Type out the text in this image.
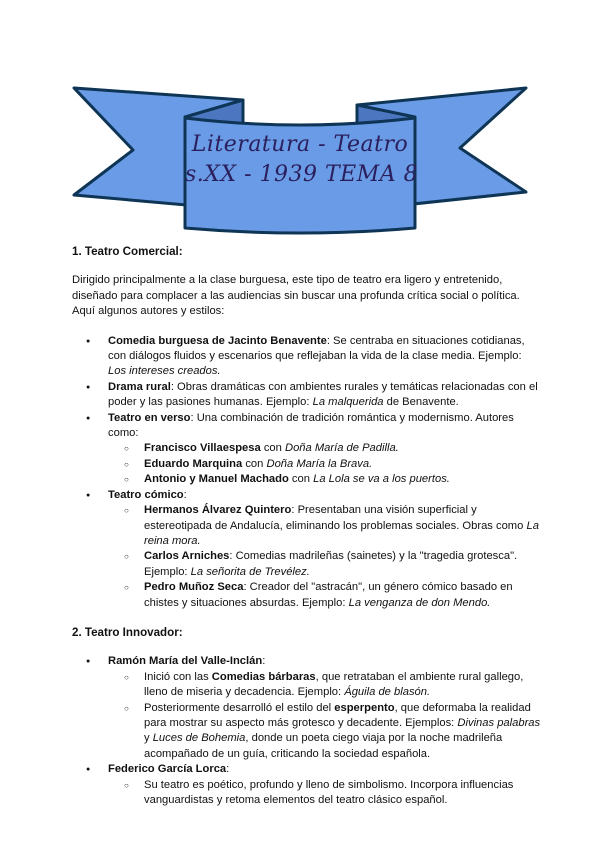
Literatura - Teatro
s.XX - 1939 TEMA 8
1. Teatro Comercial:

Dirigido principalmente a la clase burguesa, este tipo de teatro era ligero y entretenido, diseñado para complacer a las audiencias sin buscar una profunda crítica social o política. Aquí algunos autores y estilos:

● Comedia burguesa de Jacinto Benavente: Se centraba en situaciones cotidianas, con diálogos fluidos y escenarios que reflejaban la vida de la clase media. Ejemplo: Los intereses creados.
● Drama rural: Obras dramáticas con ambientes rurales y temáticas relacionadas con el poder y las pasiones humanas. Ejemplo: La malquerida de Benavente.
● Teatro en verso: Una combinación de tradición romántica y modernismo. Autores como:
○ Francisco Villaespesa con Doña María de Padilla.
○ Eduardo Marquina con Doña María la Brava.
○ Antonio y Manuel Machado con La Lola se va a los puertos.
● Teatro cómico:
○ Hermanos Álvarez Quintero: Presentaban una visión superficial y estereotipada de Andalucía, eliminando los problemas sociales. Obras como La reina mora.
○ Carlos Arniches: Comedias madrileñas (sainetes) y la "tragedia grotesca". Ejemplo: La señorita de Trevélez.
○ Pedro Muñoz Seca: Creador del "astracán", un género cómico basado en chistes y situaciones absurdas. Ejemplo: La venganza de don Mendo.
2. Teatro Innovador:
● Ramón María del Valle-Inclán:
○ Inició con las Comedias bárbaras, que retrataban el ambiente rural gallego, lleno de miseria y decadencia. Ejemplo: Águila de blasón.
○ Posteriormente desarrolló el estilo del esperpento, que deformaba la realidad para mostrar su aspecto más grotesco y decadente. Ejemplos: Divinas palabras y Luces de Bohemia, donde un poeta ciego viaja por la noche madrileña acompañado de un guía, criticando la sociedad española.
● Federico García Lorca:
○ Su teatro es poético, profundo y lleno de simbolismo. Incorpora influencias vanguardistas y retoma elementos del teatro clásico español.
